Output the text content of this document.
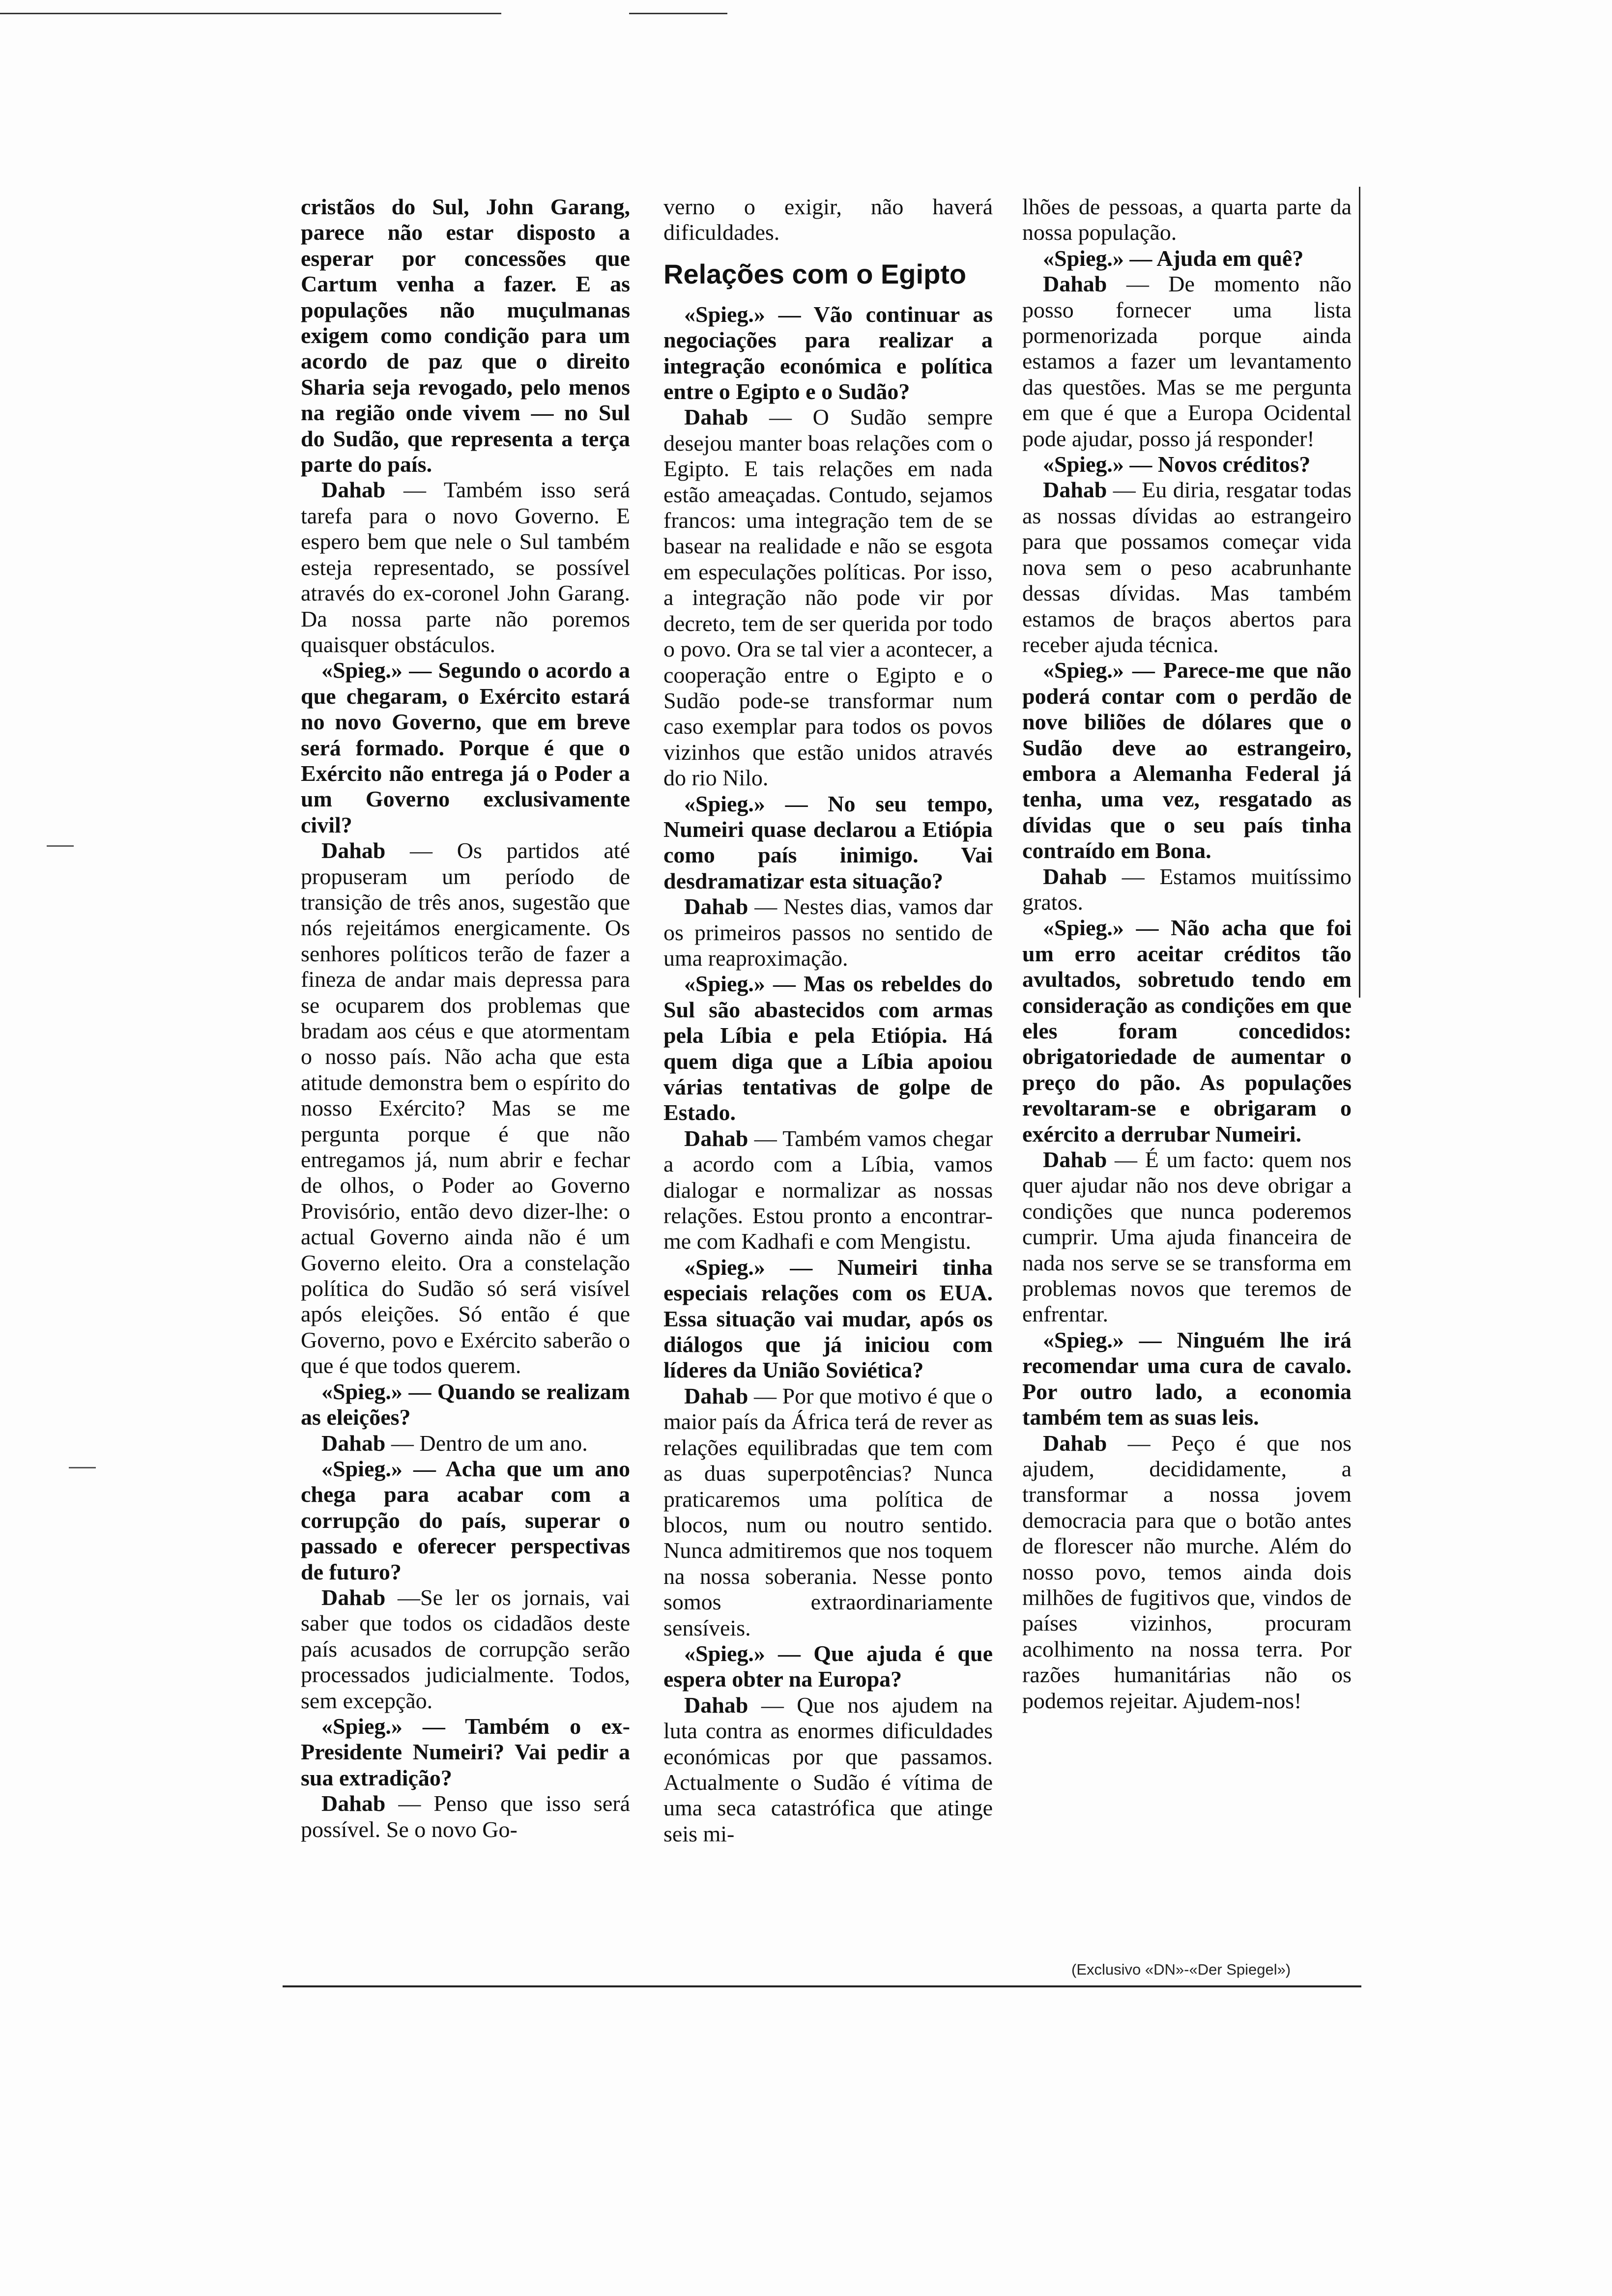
cristãos do Sul, John Garang, parece não estar disposto a esperar por concessões que Cartum venha a fazer. E as populações não muçulmanas exigem como condição para um acordo de paz que o direito Sharia seja revogado, pelo menos na região onde vivem — no Sul do Sudão, que representa a terça parte do país.

Dahab — Também isso será tarefa para o novo Governo. E espero bem que nele o Sul também esteja representado, se possível através do ex-coronel John Garang. Da nossa parte não poremos quaisquer obstáculos.

«Spieg.» — Segundo o acordo a que chegaram, o Exército estará no novo Governo, que em breve será formado. Porque é que o Exército não entrega já o Poder a um Governo exclusivamente civil?

Dahab — Os partidos até propuseram um período de transição de três anos, sugestão que nós rejeitámos energicamente. Os senhores políticos terão de fazer a fineza de andar mais depressa para se ocuparem dos problemas que bradam aos céus e que atormentam o nosso país. Não acha que esta atitude demonstra bem o espírito do nosso Exército? Mas se me pergunta porque é que não entregamos já, num abrir e fechar de olhos, o Poder ao Governo Provisório, então devo dizer-lhe: o actual Governo ainda não é um Governo eleito. Ora a constelação política do Sudão só será visível após eleições. Só então é que Governo, povo e Exército saberão o que é que todos querem.

«Spieg.» — Quando se realizam as eleições?

Dahab — Dentro de um ano.

«Spieg.» — Acha que um ano chega para acabar com a corrupção do país, superar o passado e oferecer perspectivas de futuro?

Dahab —Se ler os jornais, vai saber que todos os cidadãos deste país acusados de corrupção serão processados judicialmente. Todos, sem excepção.

«Spieg.» — Também o ex-Presidente Numeiri? Vai pedir a sua extradição?

Dahab — Penso que isso será possível. Se o novo Go-

verno o exigir, não haverá dificuldades.

Relações com o Egipto

«Spieg.» — Vão continuar as negociações para realizar a integração económica e política entre o Egipto e o Sudão?

Dahab — O Sudão sempre desejou manter boas relações com o Egipto. E tais relações em nada estão ameaçadas. Contudo, sejamos francos: uma integração tem de se basear na realidade e não se esgota em especulações políticas. Por isso, a integração não pode vir por decreto, tem de ser querida por todo o povo. Ora se tal vier a acontecer, a cooperação entre o Egipto e o Sudão pode-se transformar num caso exemplar para todos os povos vizinhos que estão unidos através do rio Nilo.

«Spieg.» — No seu tempo, Numeiri quase declarou a Etiópia como país inimigo. Vai desdramatizar esta situação?

Dahab — Nestes dias, vamos dar os primeiros passos no sentido de uma reaproximação.

«Spieg.» — Mas os rebeldes do Sul são abastecidos com armas pela Líbia e pela Etiópia. Há quem diga que a Líbia apoiou várias tentativas de golpe de Estado.

Dahab — Também vamos chegar a acordo com a Líbia, vamos dialogar e normalizar as nossas relações. Estou pronto a encontrar-me com Kadhafi e com Mengistu.

«Spieg.» — Numeiri tinha especiais relações com os EUA. Essa situação vai mudar, após os diálogos que já iniciou com líderes da União Soviética?

Dahab — Por que motivo é que o maior país da África terá de rever as relações equilibradas que tem com as duas superpotências? Nunca praticaremos uma política de blocos, num ou noutro sentido. Nunca admitiremos que nos toquem na nossa soberania. Nesse ponto somos extraordinariamente sensíveis.

«Spieg.» — Que ajuda é que espera obter na Europa?

Dahab — Que nos ajudem na luta contra as enormes dificuldades económicas por que passamos. Actualmente o Sudão é vítima de uma seca catastrófica que atinge seis mi-

lhões de pessoas, a quarta parte da nossa população.

«Spieg.» — Ajuda em quê?

Dahab — De momento não posso fornecer uma lista pormenorizada porque ainda estamos a fazer um levantamento das questões. Mas se me pergunta em que é que a Europa Ocidental pode ajudar, posso já responder!

«Spieg.» — Novos créditos?

Dahab — Eu diria, resgatar todas as nossas dívidas ao estrangeiro para que possamos começar vida nova sem o peso acabrunhante dessas dívidas. Mas também estamos de braços abertos para receber ajuda técnica.

«Spieg.» — Parece-me que não poderá contar com o perdão de nove biliões de dólares que o Sudão deve ao estrangeiro, embora a Alemanha Federal já tenha, uma vez, resgatado as dívidas que o seu país tinha contraído em Bona.

Dahab — Estamos muitíssimo gratos.

«Spieg.» — Não acha que foi um erro aceitar créditos tão avultados, sobretudo tendo em consideração as condições em que eles foram concedidos: obrigatoriedade de aumentar o preço do pão. As populações revoltaram-se e obrigaram o exército a derrubar Numeiri.

Dahab — É um facto: quem nos quer ajudar não nos deve obrigar a condições que nunca poderemos cumprir. Uma ajuda financeira de nada nos serve se se transforma em problemas novos que teremos de enfrentar.

«Spieg.» — Ninguém lhe irá recomendar uma cura de cavalo. Por outro lado, a economia também tem as suas leis.

Dahab — Peço é que nos ajudem, decididamente, a transformar a nossa jovem democracia para que o botão antes de florescer não murche. Além do nosso povo, temos ainda dois milhões de fugitivos que, vindos de países vizinhos, procuram acolhimento na nossa terra. Por razões humanitárias não os podemos rejeitar. Ajudem-nos!

(Exclusivo «DN»-«Der Spiegel»)
